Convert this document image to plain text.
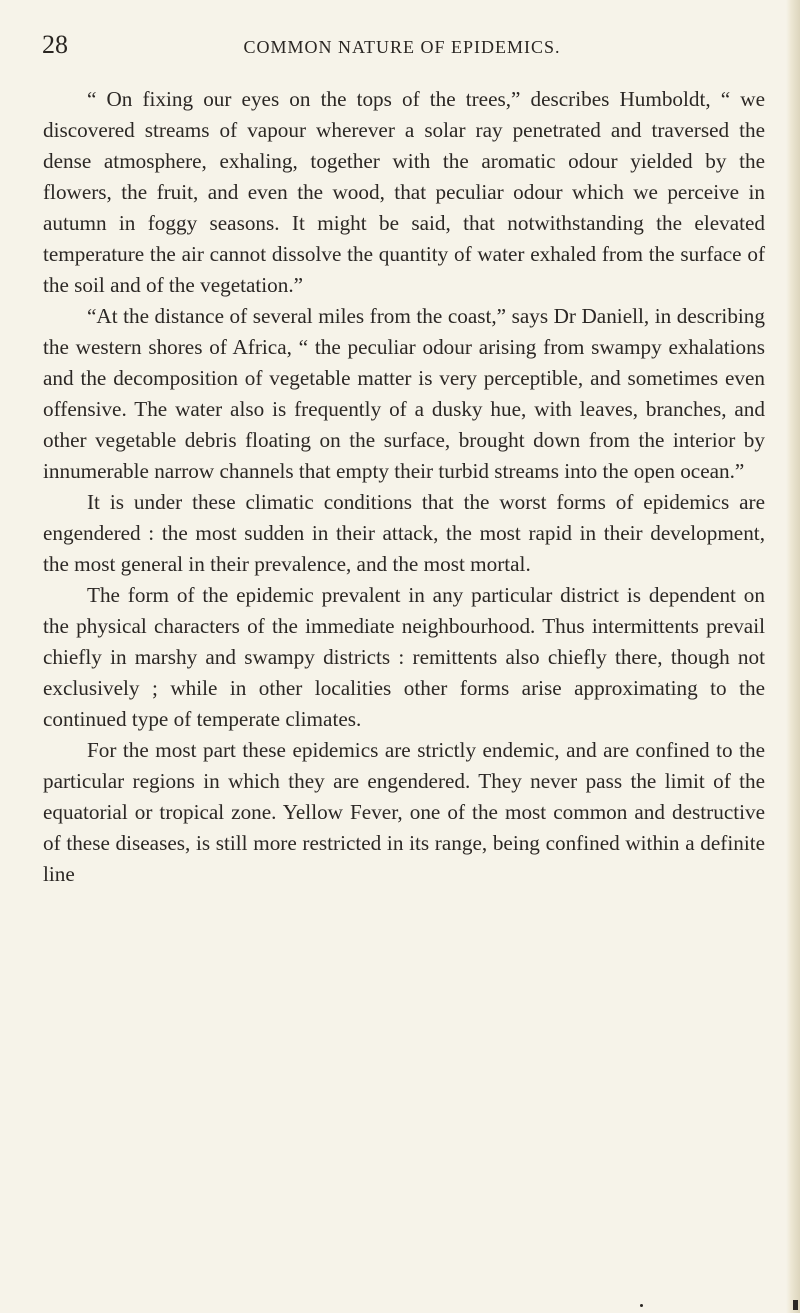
28	COMMON NATURE OF EPIDEMICS.

“ On fixing our eyes on the tops of the trees,” describes Humboldt, “ we discovered streams of vapour wherever a solar ray penetrated and traversed the dense atmosphere, exhaling, together with the aromatic odour yielded by the flowers, the fruit, and even the wood, that peculiar odour which we perceive in autumn in foggy seasons. It might be said, that notwithstanding the elevated temperature the air cannot dissolve the quantity of water exhaled from the surface of the soil and of the vegetation.”

“At the distance of several miles from the coast,” says Dr Daniell, in describing the western shores of Africa, “ the peculiar odour arising from swampy exhalations and the decomposition of vegetable matter is very perceptible, and sometimes even offensive. The water also is frequently of a dusky hue, with leaves, branches, and other vegetable debris floating on the surface, brought down from the interior by innumerable narrow channels that empty their turbid streams into the open ocean.”

It is under these climatic conditions that the worst forms of epidemics are engendered : the most sudden in their attack, the most rapid in their development, the most general in their prevalence, and the most mortal.

The form of the epidemic prevalent in any particular district is dependent on the physical characters of the immediate neighbourhood. Thus intermittents prevail chiefly in marshy and swampy districts : remittents also chiefly there, though not exclusively ; while in other localities other forms arise approximating to the continued type of temperate climates.

For the most part these epidemics are strictly endemic, and are confined to the particular regions in which they are engendered. They never pass the limit of the equatorial or tropical zone. Yellow Fever, one of the most common and destructive of these diseases, is still more restricted in its range, being confined within a definite line
